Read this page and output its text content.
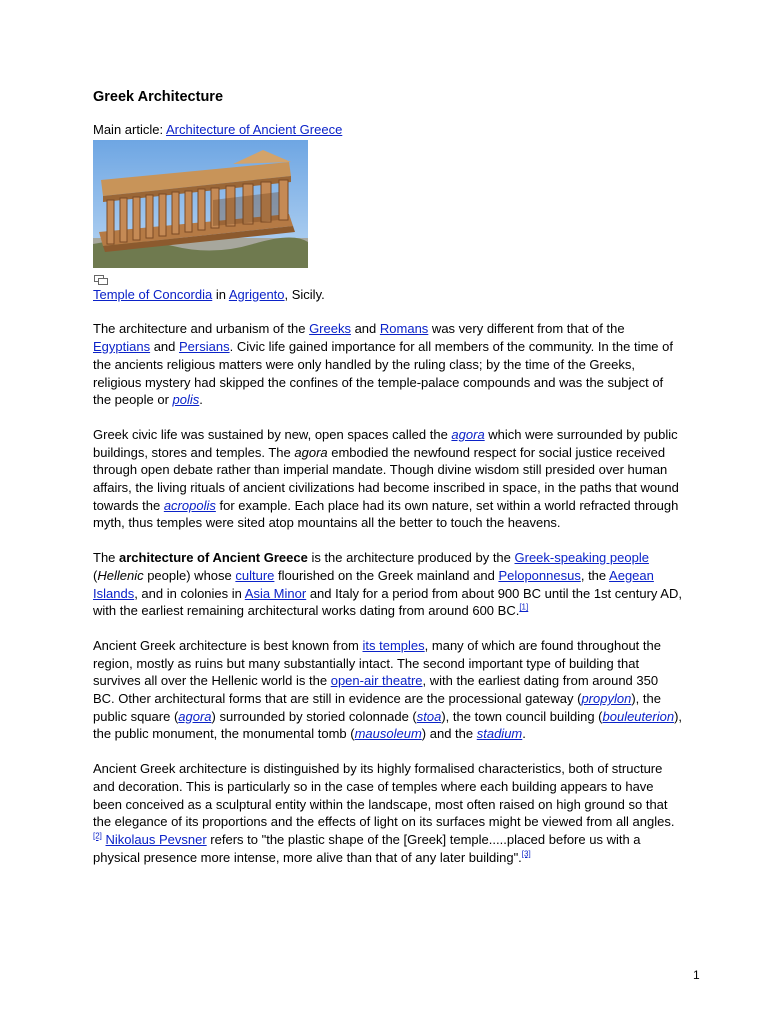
Greek Architecture

Main article: Architecture of Ancient Greece

Temple of Concordia in Agrigento, Sicily.

The architecture and urbanism of the Greeks and Romans was very different from that of the Egyptians and Persians. Civic life gained importance for all members of the community. In the time of the ancients religious matters were only handled by the ruling class; by the time of the Greeks, religious mystery had skipped the confines of the temple-palace compounds and was the subject of the people or polis.

Greek civic life was sustained by new, open spaces called the agora which were surrounded by public buildings, stores and temples. The agora embodied the newfound respect for social justice received through open debate rather than imperial mandate. Though divine wisdom still presided over human affairs, the living rituals of ancient civilizations had become inscribed in space, in the paths that wound towards the acropolis for example. Each place had its own nature, set within a world refracted through myth, thus temples were sited atop mountains all the better to touch the heavens.

The architecture of Ancient Greece is the architecture produced by the Greek-speaking people (Hellenic people) whose culture flourished on the Greek mainland and Peloponnesus, the Aegean Islands, and in colonies in Asia Minor and Italy for a period from about 900 BC until the 1st century AD, with the earliest remaining architectural works dating from around 600 BC.[1]

Ancient Greek architecture is best known from its temples, many of which are found throughout the region, mostly as ruins but many substantially intact. The second important type of building that survives all over the Hellenic world is the open-air theatre, with the earliest dating from around 350 BC. Other architectural forms that are still in evidence are the processional gateway (propylon), the public square (agora) surrounded by storied colonnade (stoa), the town council building (bouleuterion), the public monument, the monumental tomb (mausoleum) and the stadium.

Ancient Greek architecture is distinguished by its highly formalised characteristics, both of structure and decoration. This is particularly so in the case of temples where each building appears to have been conceived as a sculptural entity within the landscape, most often raised on high ground so that the elegance of its proportions and the effects of light on its surfaces might be viewed from all angles.[2] Nikolaus Pevsner refers to "the plastic shape of the [Greek] temple.....placed before us with a physical presence more intense, more alive than that of any later building".[3]

1
